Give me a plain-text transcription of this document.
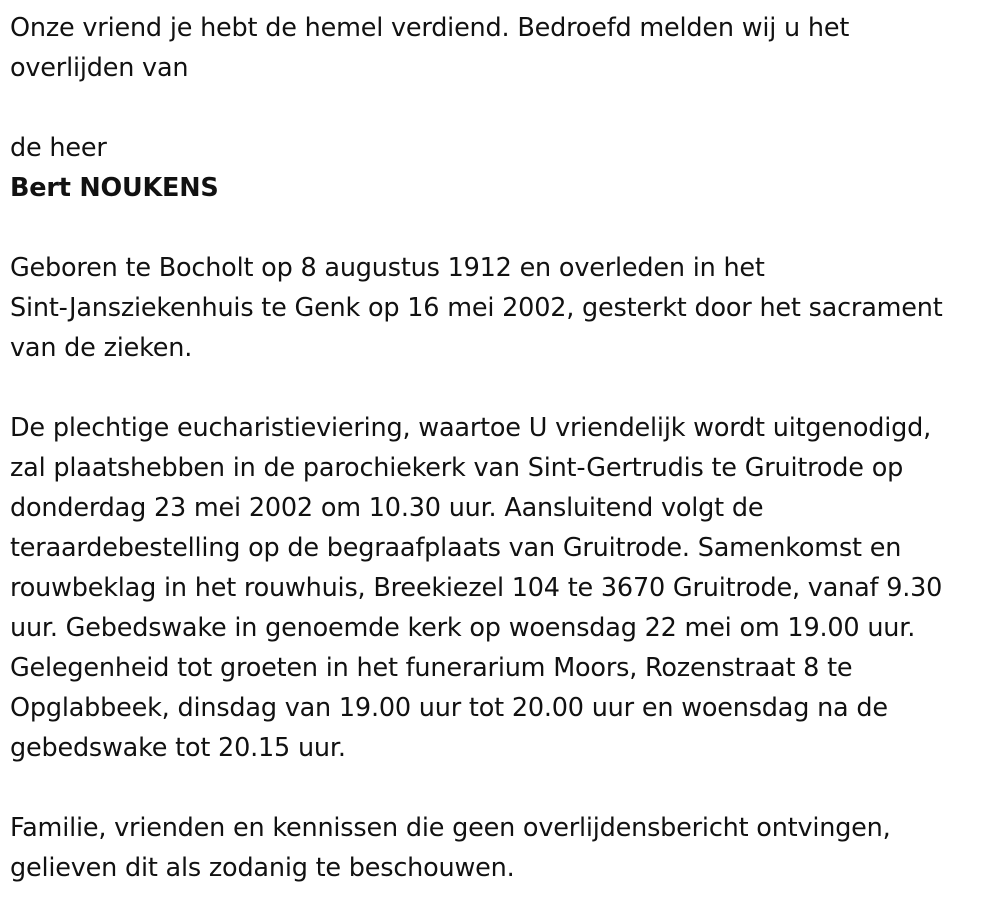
Onze vriend je hebt de hemel verdiend. Bedroefd melden wij u het
overlijden van

de heer

Bert NOUKENS

Geboren te Bocholt op 8 augustus 1912 en overleden in het
Sint-Jansziekenhuis te Genk op 16 mei 2002, gesterkt door het sacrament
van de zieken.

De plechtige eucharistieviering, waartoe U vriendelijk wordt uitgenodigd,
zal plaatshebben in de parochiekerk van Sint-Gertrudis te Gruitrode op
donderdag 23 mei 2002 om 10.30 uur. Aansluitend volgt de
teraardebestelling op de begraafplaats van Gruitrode. Samenkomst en
rouwbeklag in het rouwhuis, Breekiezel 104 te 3670 Gruitrode, vanaf 9.30
uur. Gebedswake in genoemde kerk op woensdag 22 mei om 19.00 uur.
Gelegenheid tot groeten in het funerarium Moors, Rozenstraat 8 te
Opglabbeek, dinsdag van 19.00 uur tot 20.00 uur en woensdag na de
gebedswake tot 20.15 uur.

Familie, vrienden en kennissen die geen overlijdensbericht ontvingen,
gelieven dit als zodanig te beschouwen.
